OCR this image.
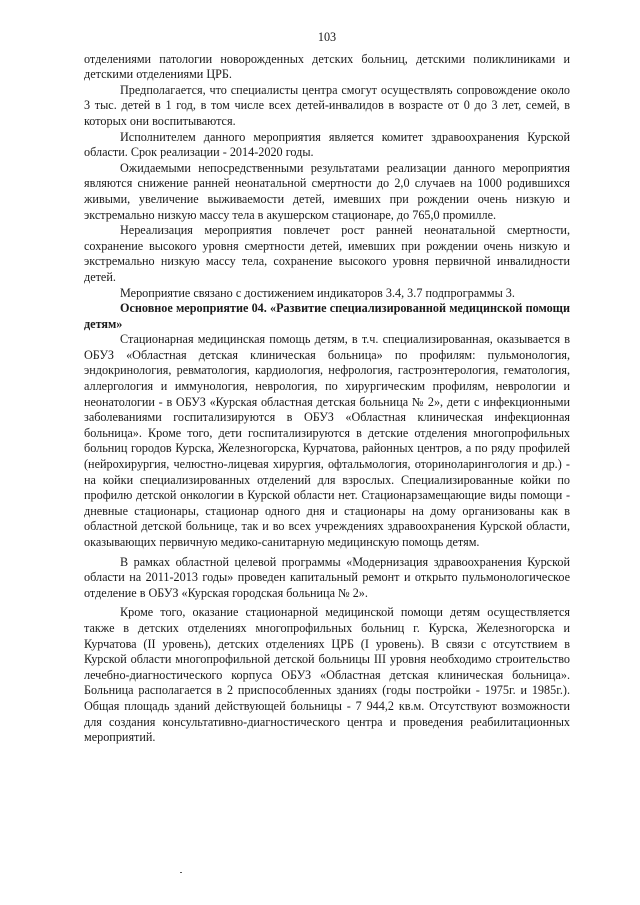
103

отделениями патологии новорожденных детских больниц, детскими поликлиниками и детскими отделениями ЦРБ.

Предполагается, что специалисты центра смогут осуществлять сопровождение около 3 тыс. детей в 1 год, в том числе всех детей-инвалидов в возрасте от 0 до 3 лет, семей, в которых они воспитываются.

Исполнителем данного мероприятия является комитет здравоохранения Курской области. Срок реализации - 2014-2020 годы.

Ожидаемыми непосредственными результатами реализации данного мероприятия являются снижение ранней неонатальной смертности до 2,0 случаев на 1000 родившихся живыми, увеличение выживаемости детей, имевших при рождении очень низкую и экстремально низкую массу тела в акушерском стационаре, до 765,0 промилле.

Нереализация мероприятия повлечет рост ранней неонатальной смертности, сохранение высокого уровня смертности детей, имевших при рождении очень низкую и экстремально низкую массу тела, сохранение высокого уровня первичной инвалидности детей.

Мероприятие связано с достижением индикаторов 3.4, 3.7 подпрограммы 3.

Основное мероприятие 04. «Развитие специализированной медицинской помощи детям»

Стационарная медицинская помощь детям, в т.ч. специализированная, оказывается в ОБУЗ «Областная детская клиническая больница» по профилям: пульмонология, эндокринология, ревматология, кардиология, нефрология, гастроэнтерология, гематология, аллергология и иммунология, неврология, по хирургическим профилям, неврологии и неонатологии - в ОБУЗ «Курская областная детская больница № 2», дети с инфекционными заболеваниями госпитализируются в ОБУЗ «Областная клиническая инфекционная больница». Кроме того, дети госпитализируются в детские отделения многопрофильных больниц городов Курска, Железногорска, Курчатова, районных центров, а по ряду профилей (нейрохирургия, челюстно-лицевая хирургия, офтальмология, оториноларингология и др.) - на койки специализированных отделений для взрослых. Специализированные койки по профилю детской онкологии в Курской области нет. Стационарзамещающие виды помощи - дневные стационары, стационар одного дня и стационары на дому организованы как в областной детской больнице, так и во всех учреждениях здравоохранения Курской области, оказывающих первичную медико-санитарную медицинскую помощь детям.

В рамках областной целевой программы «Модернизация здравоохранения Курской области на 2011-2013 годы» проведен капитальный ремонт и открыто пульмонологическое отделение в ОБУЗ «Курская городская больница № 2».

Кроме того, оказание стационарной медицинской помощи детям осуществляется также в детских отделениях многопрофильных больниц г. Курска, Железногорска и Курчатова (II уровень), детских отделениях ЦРБ (I уровень). В связи с отсутствием в Курской области многопрофильной детской больницы III уровня необходимо строительство лечебно-диагностического корпуса ОБУЗ «Областная детская клиническая больница». Больница располагается в 2 приспособленных зданиях (годы постройки - 1975г. и 1985г.). Общая площадь зданий действующей больницы - 7 944,2 кв.м. Отсутствуют возможности для создания консультативно-диагностического центра и проведения реабилитационных мероприятий.
